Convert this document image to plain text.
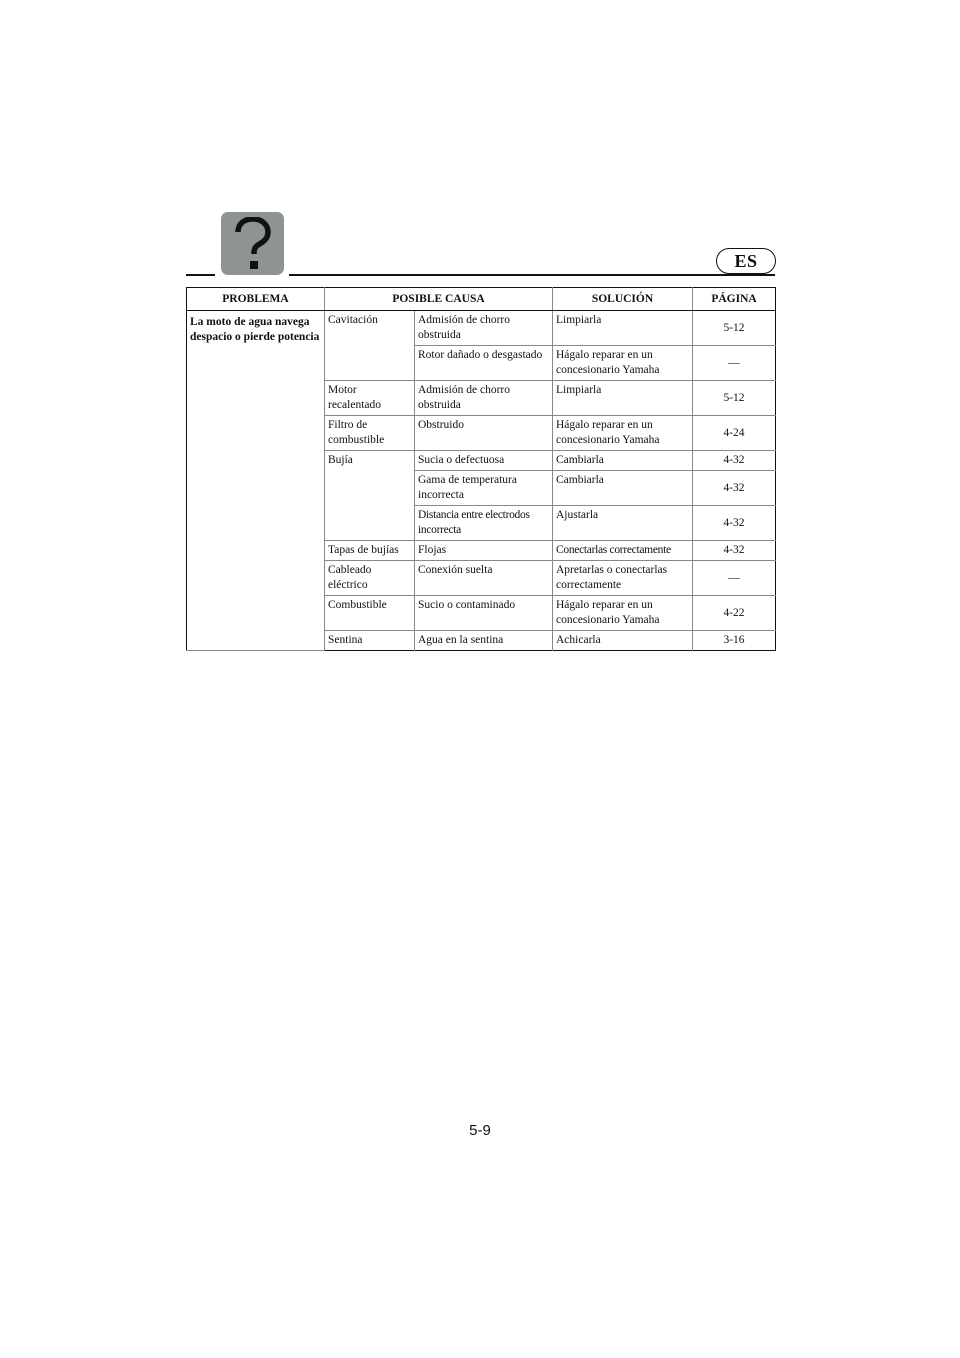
ES
PROBLEMA	POSIBLE CAUSA	SOLUCIÓN	PÁGINA
La moto de agua navega despacio o pierde potencia	Cavitación	Admisión de chorro obstruida	Limpiarla	5-12
Rotor dañado o desgastado	Hágalo reparar en un concesionario Yamaha	—
Motor recalentado	Admisión de chorro obstruida	Limpiarla	5-12
Filtro de combustible	Obstruido	Hágalo reparar en un concesionario Yamaha	4-24
Bujía	Sucia o defectuosa	Cambiarla	4-32
Gama de temperatura incorrecta	Cambiarla	4-32
Distancia entre electrodos incorrecta	Ajustarla	4-32
Tapas de bujías	Flojas	Conectarlas correctamente	4-32
Cableado eléctrico	Conexión suelta	Apretarlas o conectarlas correctamente	—
Combustible	Sucio o contaminado	Hágalo reparar en un concesionario Yamaha	4-22
Sentina	Agua en la sentina	Achicarla	3-16
5-9
